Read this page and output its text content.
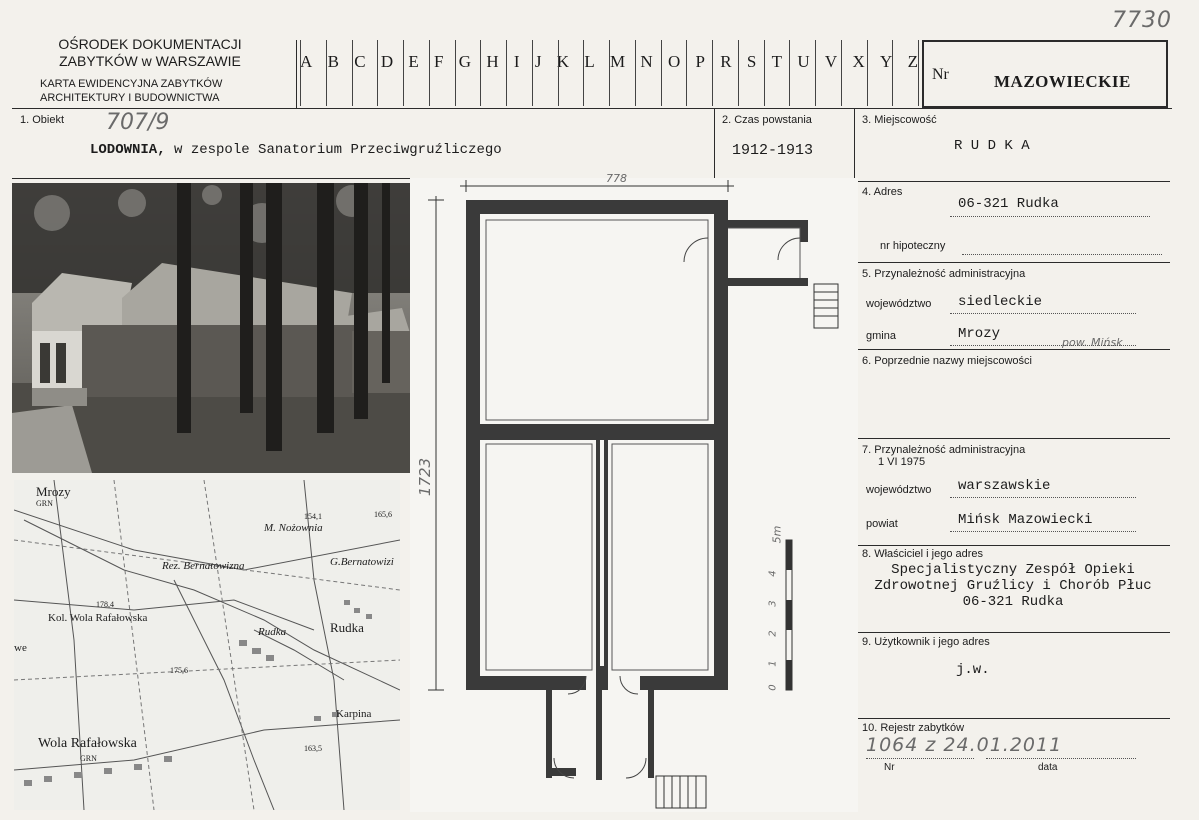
OŚRODEK DOKUMENTACJI
ZABYTKÓW w WARSZAWIE
KARTA EWIDENCYJNA ZABYTKÓW
ARCHITEKTURY I BUDOWNICTWA
A B C D E F G H I J K L M N O P R S T U V X Y Z
Nr	MAZOWIECKIE
7730
1. Obiekt 707/9
LODOWNIA, w zespole Sanatorium Przeciwgruźliczego
2. Czas powstania
1912-1913
3. Miejscowość
R U D K A
4. Adres
06-321 Rudka
nr hipoteczny
5. Przynależność administracyjna
województwo siedleckie
gmina	Mrozy
pow. Mińsk
6. Poprzednie nazwy miejscowości
7. Przynależność administracyjna
1 VI 1975
województwo warszawskie
powiat	Mińsk Mazowiecki
8. Właściciel i jego adres
Specjalistyczny Zespół Opieki
Zdrowotnej Gruźlicy i Chorób Płuc
06-321 Rudka
9. Użytkownik i jego adres
j.w.
10. Rejestr zabytków
1064 z 24.01.2011
Nr	data
Mrozy
GRN
M. Nożownia
154,1	165,6
G.Bernatowizi
Rez. Bernatowizna
178,4
Kol. Wola Rafałowska
Rudka	Rudka
175,6
Karpina
Wola Rafałowska
GRN
163,5
we
778
1723
5m
4
3
2
1
0
